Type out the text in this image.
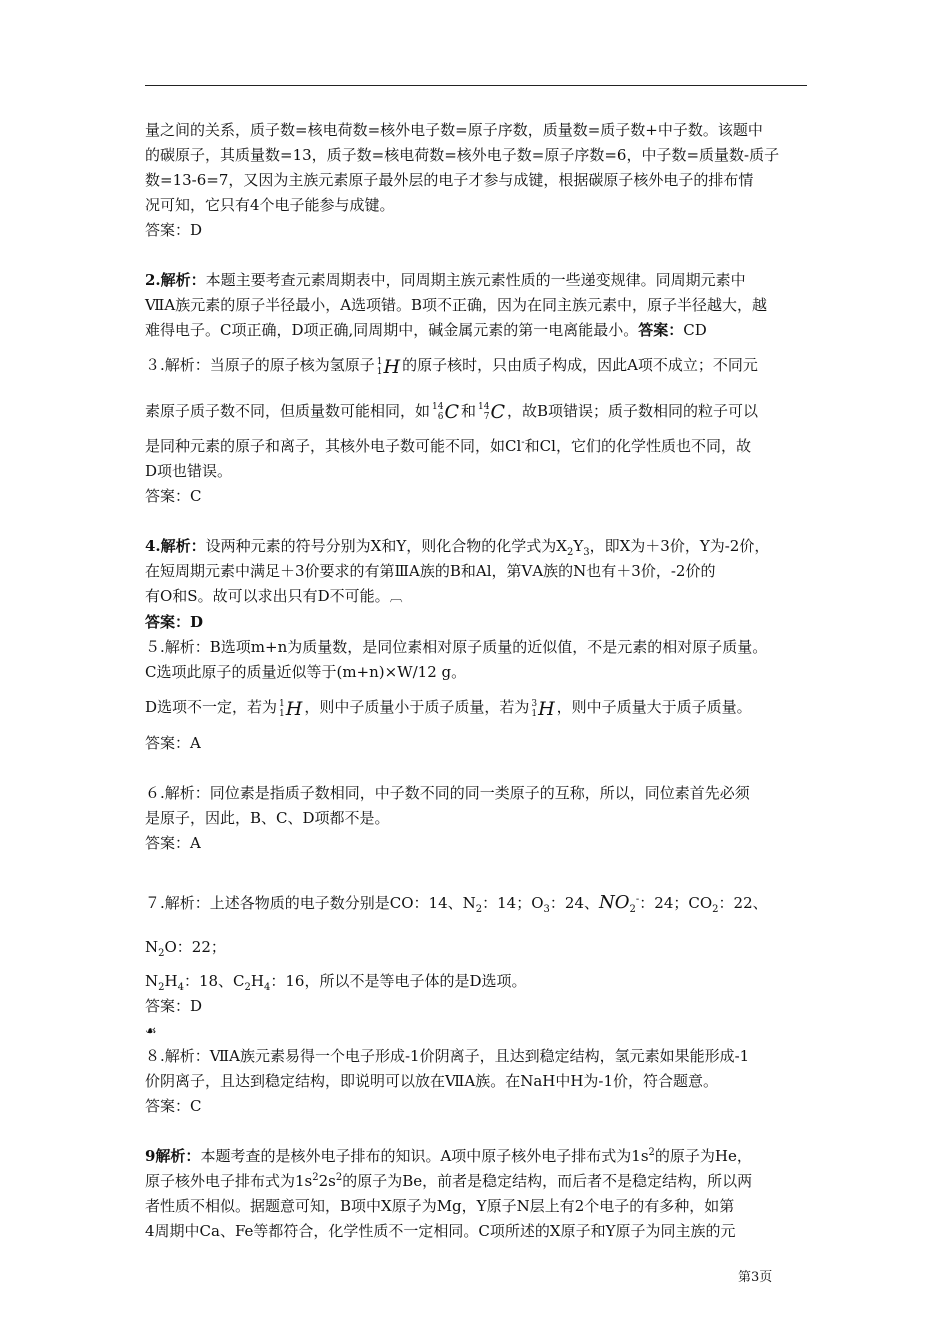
量之间的关系，质子数=核电荷数=核外电子数=原子序数，质量数=质子数+中子数。该题中

的碳原子，其质量数=13，质子数=核电荷数=核外电子数=原子序数=6，中子数=质量数-质子

数=13-6=7，又因为主族元素原子最外层的电子才参与成键，根据碳原子核外电子的排布情

况可知，它只有4个电子能参与成键。

答案：D

2.解析：本题主要考查元素周期表中，同周期主族元素性质的一些递变规律。同周期元素中

ⅦA族元素的原子半径最小，A选项错。B项不正确，因为在同主族元素中，原子半径越大，越

难得电子。C项正确，D项正确,同周期中，碱金属元素的第一电离能最小。答案：CD

３.解析：当原子的原子核为氢原子 1
1H 的原子核时，只由质子构成，因此A项不成立；不同元

素原子质子数不同，但质量数可能相同，如 14
6C 和 14
7C ，故B项错误；质子数相同的粒子可以

是同种元素的原子和离子，其核外电子数可能不同，如Cl-和Cl，它们的化学性质也不同，故

D项也错误。

答案：C

4.解析：设两种元素的符号分别为X和Y，则化合物的化学式为$X_2Y_3$，即X为＋3价，Y为-2价，

在短周期元素中满足＋3价要求的有第ⅢA族的B和Al，第ⅤA族的N也有＋3价，-2价的

有O和S。故可以求出只有D不可能。︹

答案：D

５.解析：B选项m+n为质量数，是同位素相对原子质量的近似值，不是元素的相对原子质量。

C选项此原子的质量近似等于(m+n)×W/12 g。

D选项不一定，若为 1
1H ，则中子质量小于质子质量，若为 3
1H ，则中子质量大于质子质量。

答案：A

６.解析：同位素是指质子数相同，中子数不同的同一类原子的互称，所以，同位素首先必须

是原子，因此，B、C、D项都不是。

答案：A

７.解析：上述各物质的电子数分别是CO：14、$N_2$：14；$O_3$：24、$NO_2^-$：24；$CO_2$：22、$N_2O$：22；

$N_2H_4$：18、$C_2H_4$：16，所以不是等电子体的是D选项。

答案：D

☙

８.解析：ⅦA族元素易得一个电子形成-1价阴离子，且达到稳定结构，氢元素如果能形成-1

价阴离子，且达到稳定结构，即说明可以放在ⅦA族。在NaH中H为-1价，符合题意。

答案：C

9解析：本题考查的是核外电子排布的知识。A项中原子核外电子排布式为$1s^2$的原子为He，

原子核外电子排布式为$1s^22s^2$的原子为Be，前者是稳定结构，而后者不是稳定结构，所以两

者性质不相似。据题意可知，B项中X原子为Mg，Y原子N层上有2个电子的有多种，如第

4周期中Ca、Fe等都符合，化学性质不一定相同。C项所述的X原子和Y原子为同主族的元

第3页
